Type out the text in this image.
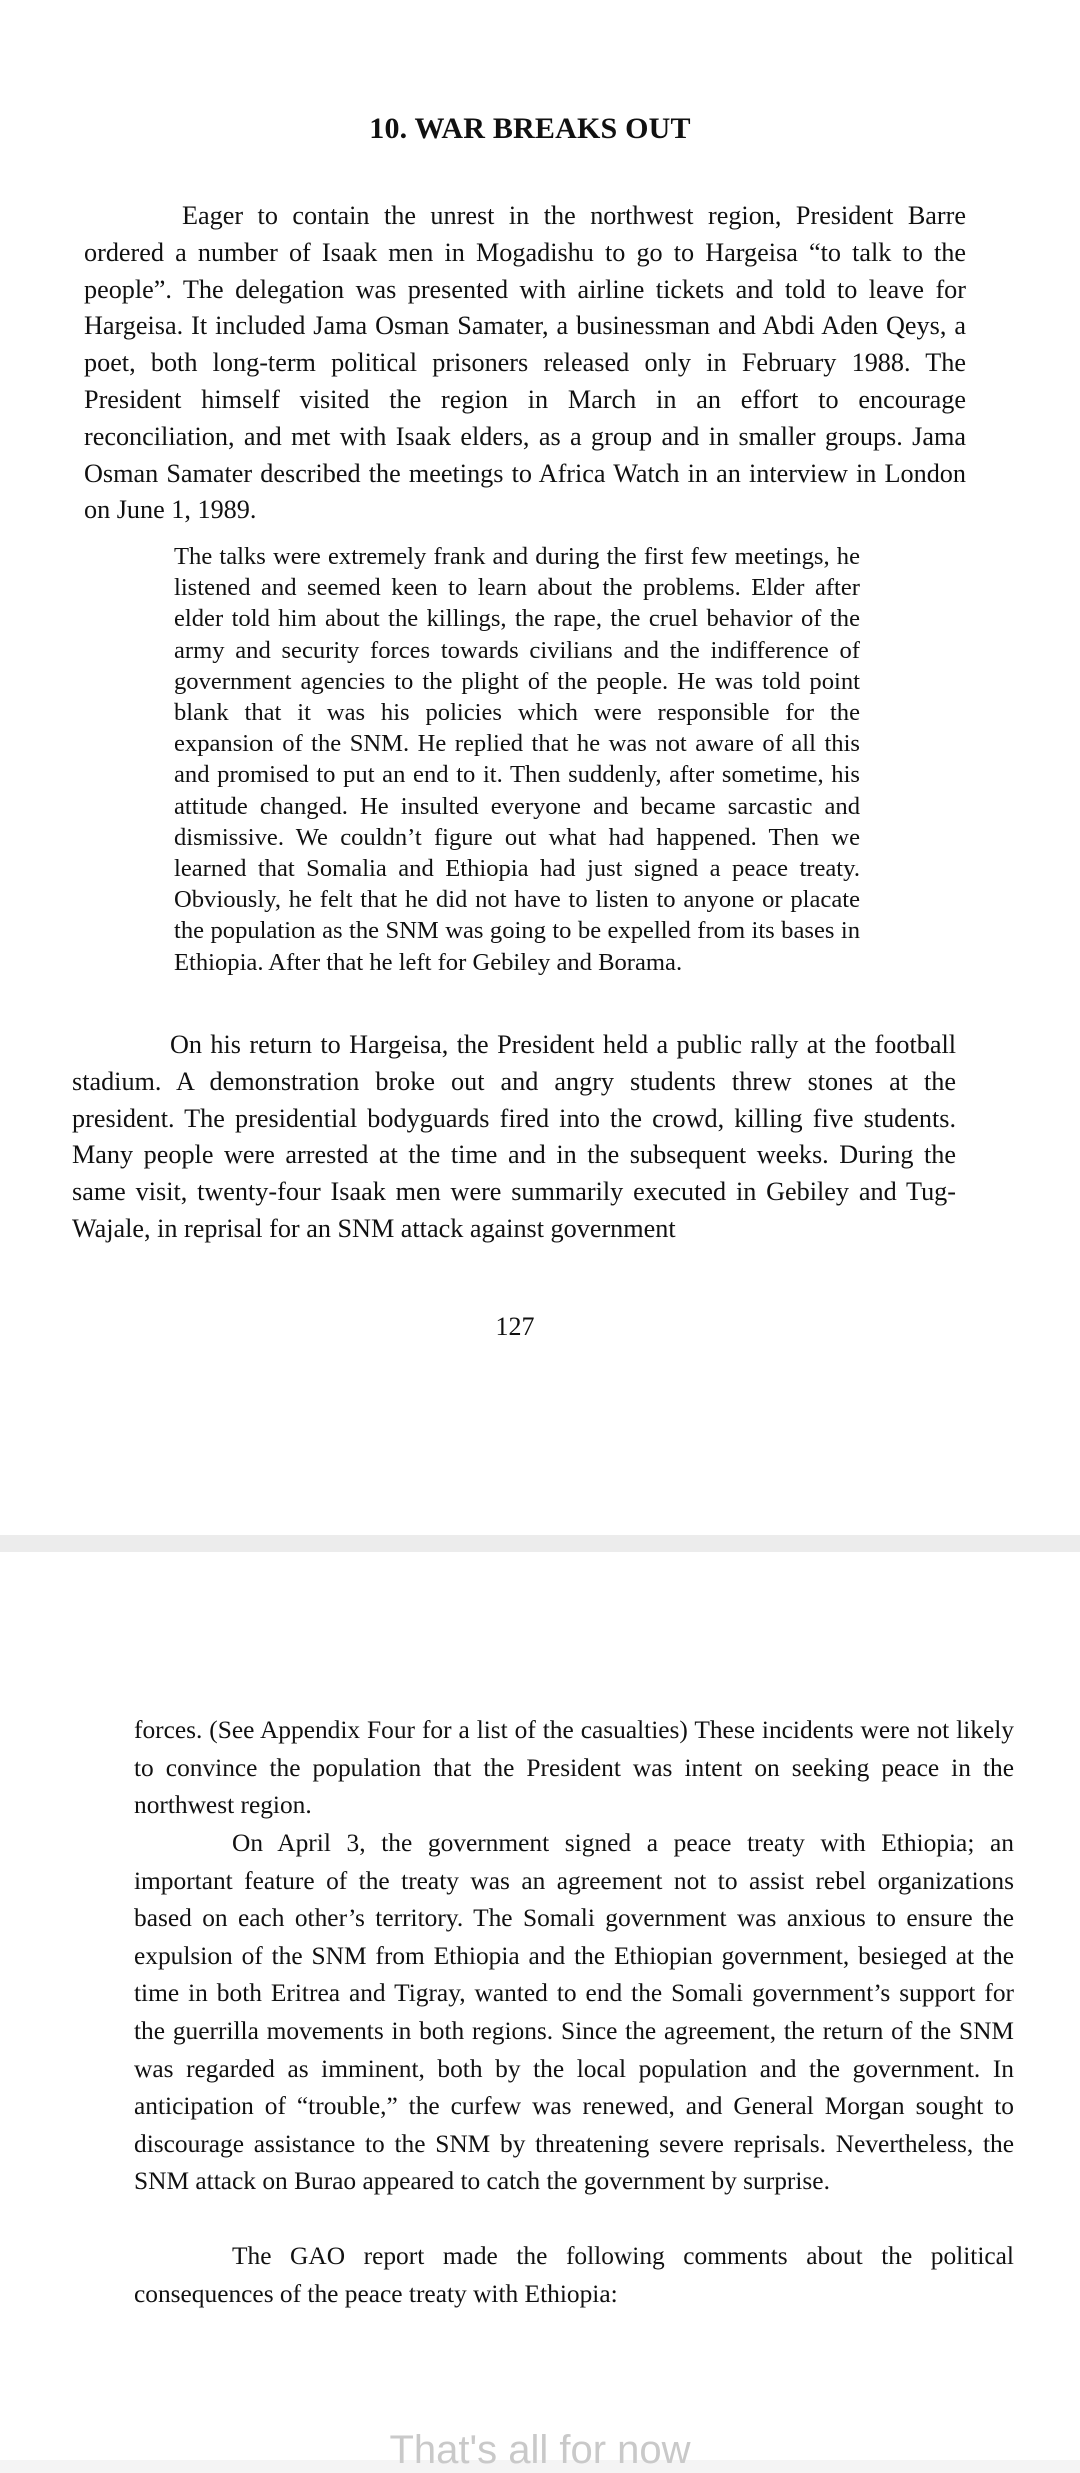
10. WAR BREAKS OUT

Eager to contain the unrest in the northwest region, President Barre ordered a number of Isaak men in Mogadishu to go to Hargeisa “to talk to the people”. The delegation was presented with airline tickets and told to leave for Hargeisa. It included Jama Osman Samater, a businessman and Abdi Aden Qeys, a poet, both long-term political prisoners released only in February 1988. The President himself visited the region in March in an effort to encourage reconciliation, and met with Isaak elders, as a group and in smaller groups. Jama Osman Samater described the meetings to Africa Watch in an interview in London on June 1, 1989.

The talks were extremely frank and during the first few meetings, he listened and seemed keen to learn about the problems. Elder after elder told him about the killings, the rape, the cruel behavior of the army and security forces towards civilians and the indifference of government agencies to the plight of the people. He was told point blank that it was his policies which were responsible for the expansion of the SNM. He replied that he was not aware of all this and promised to put an end to it. Then suddenly, after sometime, his attitude changed. He insulted everyone and became sarcastic and dismissive. We couldn’t figure out what had happened. Then we learned that Somalia and Ethiopia had just signed a peace treaty. Obviously, he felt that he did not have to listen to anyone or placate the population as the SNM was going to be expelled from its bases in Ethiopia. After that he left for Gebiley and Borama.

On his return to Hargeisa, the President held a public rally at the football stadium. A demonstration broke out and angry students threw stones at the president. The presidential bodyguards fired into the crowd, killing five students. Many people were arrested at the time and in the subsequent weeks. During the same visit, twenty-four Isaak men were summarily executed in Gebiley and Tug-Wajale, in reprisal for an SNM attack against government

127

forces. (See Appendix Four for a list of the casualties) These incidents were not likely to convince the population that the President was intent on seeking peace in the northwest region.

On April 3, the government signed a peace treaty with Ethiopia; an important feature of the treaty was an agreement not to assist rebel organizations based on each other’s territory. The Somali government was anxious to ensure the expulsion of the SNM from Ethiopia and the Ethiopian government, besieged at the time in both Eritrea and Tigray, wanted to end the Somali government’s support for the guerrilla movements in both regions. Since the agreement, the return of the SNM was regarded as imminent, both by the local population and the government. In anticipation of “trouble,” the curfew was renewed, and General Morgan sought to discourage assistance to the SNM by threatening severe reprisals. Nevertheless, the SNM attack on Burao appeared to catch the government by surprise.

The GAO report made the following comments about the political consequences of the peace treaty with Ethiopia:

That's all for now
